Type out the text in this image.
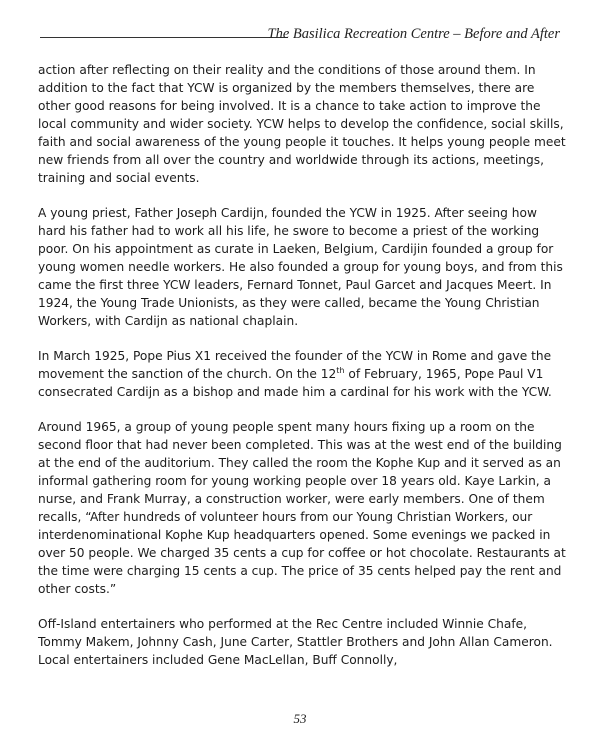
The Basilica Recreation Centre – Before and After

action after reflecting on their reality and the conditions of those around them. In addition to the fact that YCW is organized by the members themselves, there are other good reasons for being involved. It is a chance to take action to improve the local community and wider society. YCW helps to develop the confidence, social skills, faith and social awareness of the young people it touches. It helps young people meet new friends from all over the country and worldwide through its actions, meetings, training and social events.

A young priest, Father Joseph Cardijn, founded the YCW in 1925. After seeing how hard his father had to work all his life, he swore to become a priest of the working poor. On his appointment as curate in Laeken, Belgium, Cardijin founded a group for young women needle workers. He also founded a group for young boys, and from this came the first three YCW leaders, Fernard Tonnet, Paul Garcet and Jacques Meert. In 1924, the Young Trade Unionists, as they were called, became the Young Christian Workers, with Cardijn as national chaplain.

In March 1925, Pope Pius X1 received the founder of the YCW in Rome and gave the movement the sanction of the church. On the 12th of February, 1965, Pope Paul V1 consecrated Cardijn as a bishop and made him a cardinal for his work with the YCW.

Around 1965, a group of young people spent many hours fixing up a room on the second floor that had never been completed. This was at the west end of the building at the end of the auditorium. They called the room the Kophe Kup and it served as an informal gathering room for young working people over 18 years old. Kaye Larkin, a nurse, and Frank Murray, a construction worker, were early members. One of them recalls, “After hundreds of volunteer hours from our Young Christian Workers, our interdenominational Kophe Kup headquarters opened. Some evenings we packed in over 50 people. We charged 35 cents a cup for coffee or hot chocolate. Restaurants at the time were charging 15 cents a cup. The price of 35 cents helped pay the rent and other costs.”

Off-Island entertainers who performed at the Rec Centre included Winnie Chafe, Tommy Makem, Johnny Cash, June Carter, Stattler Brothers and John Allan Cameron. Local entertainers included Gene MacLellan, Buff Connolly,

53
